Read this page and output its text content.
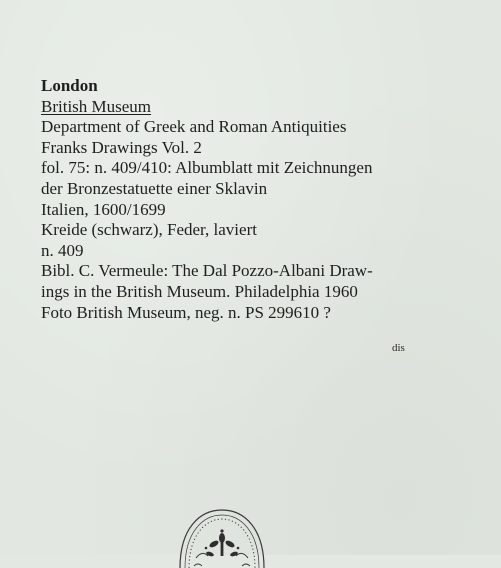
London
British Museum
Department of Greek and Roman Antiquities
Franks Drawings Vol. 2
fol. 75: n. 409/410: Albumblatt mit Zeichnungen
der Bronzestatuette einer Sklavin
Italien, 1600/1699
Kreide (schwarz), Feder, laviert
n. 409
Bibl. C. Vermeule: The Dal Pozzo-Albani Draw-
ings in the British Museum. Philadelphia 1960
Foto British Museum, neg. n. PS 299610 ?
dis
